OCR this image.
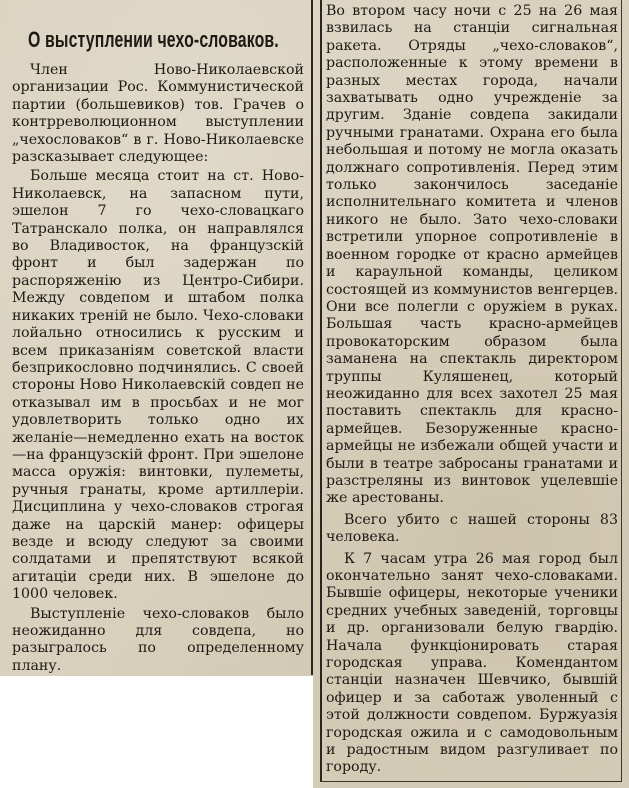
О выступлении чехо-словаков.

Член Ново-Николаевской организации Рос. Коммунистической партии (большевиков) тов. Грачев о контрреволюционном выступлении „чехословаков“ в г. Ново-Николаевске разсказывает следующее:

Больше месяца стоит на ст. Ново-Николаевск, на запасном пути, эшелон 7 го чехо-словацкаго Татранскало полка, он направлялся во Владивосток, на французскій фронт и был задержан по распоряженію из Центро-Сибири. Между совдепом и штабом полка никаких треній не было. Чехо-словаки лойально относились к русским и всем приказаніям советской власти безприкословно подчинялись. С своей стороны Ново Николаевскій совдеп не отказывал им в просьбах и не мог удовлетворить только одно их желаніе—немедленно ехать на восток—на французскій фронт. При эшелоне масса оружія: винтовки, пулеметы, ручныя гранаты, кроме артиллеріи. Дисциплина у чехо-словаков строгая даже на царскій манер: офицеры везде и всюду следуют за своими солдатами и препятствуют всякой агитаціи среди них. В эшелоне до 1000 человек.

Выступленіе чехо-словаков было неожиданно для совдепа, но разыгралось по определенному плану.

Во втором часу ночи с 25 на 26 мая взвилась на станціи сигнальная ракета. Отряды „чехо-словаков“, расположенные к этому времени в разных местах города, начали захватывать одно учрежденіе за другим. Зданіе совдепа закидали ручными гранатами. Охрана его была небольшая и потому не могла оказать должнаго сопротивленія. Перед этим только закончилось заседаніе исполнительнаго комитета и членов никого не было. Зато чехо-словаки встретили упорное сопротивленіе в военном городке от красно армейцев и караульной команды, целиком состоящей из коммунистов венгерцев. Они все полегли с оружіем в руках. Большая часть красно-армейцев провокаторским образом была заманена на спектакль директором труппы Куляшенец, который неожиданно для всех захотел 25 мая поставить спектакль для красно-армейцев. Безоруженные красно-армейцы не избежали общей участи и были в театре забросаны гранатами и разстреляны из винтовок уцелевшіе же арестованы.

Всего убито с нашей стороны 83 человека.

К 7 часам утра 26 мая город был окончательно занят чехо-словаками. Бывшіе офицеры, некоторые ученики средних учебных заведеній, торговцы и др. организовали белую гвардію. Начала функціонировать старая городская управа. Комендантом станціи назначен Шевчико, бывшій офицер и за саботаж уволенный с этой должности совдепом. Буржуазія городская ожила и с самодовольным и радостным видом разгуливает по городу.
